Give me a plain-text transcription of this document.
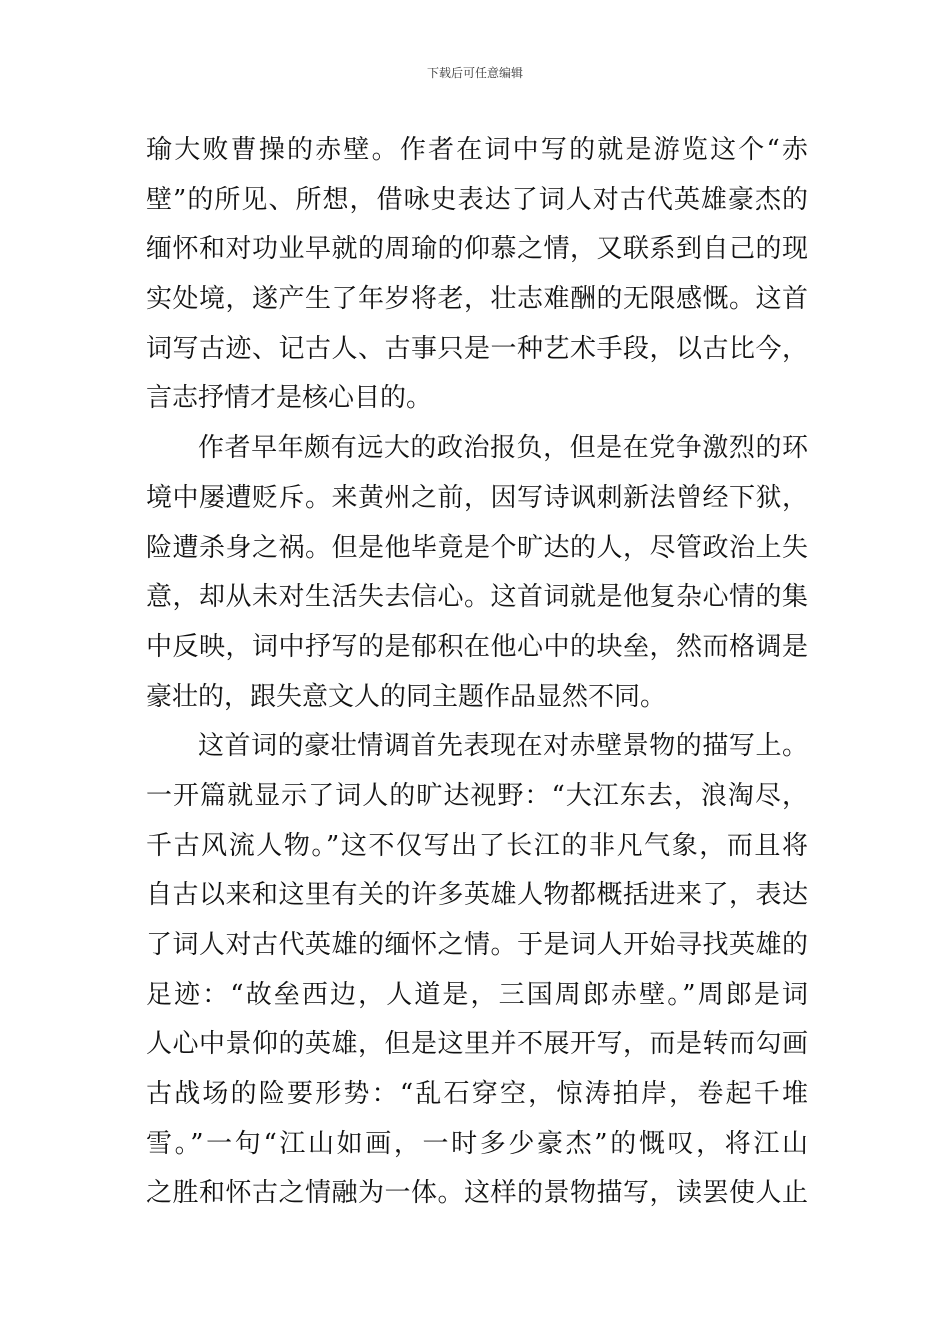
下载后可任意编辑
瑜大败曹操的赤壁。作者在词中写的就是游览这个“赤
壁”的所见、所想，借咏史表达了词人对古代英雄豪杰的
缅怀和对功业早就的周瑜的仰慕之情，又联系到自己的现
实处境，遂产生了年岁将老，壮志难酬的无限感慨。这首
词写古迹、记古人、古事只是一种艺术手段，以古比今，
言志抒情才是核心目的。
作者早年颇有远大的政治报负，但是在党争激烈的环
境中屡遭贬斥。来黄州之前，因写诗讽刺新法曾经下狱，
险遭杀身之祸。但是他毕竟是个旷达的人，尽管政治上失
意，却从未对生活失去信心。这首词就是他复杂心情的集
中反映，词中抒写的是郁积在他心中的块垒，然而格调是
豪壮的，跟失意文人的同主题作品显然不同。
这首词的豪壮情调首先表现在对赤壁景物的描写上。
一开篇就显示了词人的旷达视野：“大江东去，浪淘尽，
千古风流人物。”这不仅写出了长江的非凡气象，而且将
自古以来和这里有关的许多英雄人物都概括进来了，表达
了词人对古代英雄的缅怀之情。于是词人开始寻找英雄的
足迹：“故垒西边，人道是，三国周郎赤壁。”周郎是词
人心中景仰的英雄，但是这里并不展开写，而是转而勾画
古战场的险要形势：“乱石穿空，惊涛拍岸，卷起千堆
雪。”一句“江山如画，一时多少豪杰”的慨叹，将江山
之胜和怀古之情融为一体。这样的景物描写，读罢使人止
